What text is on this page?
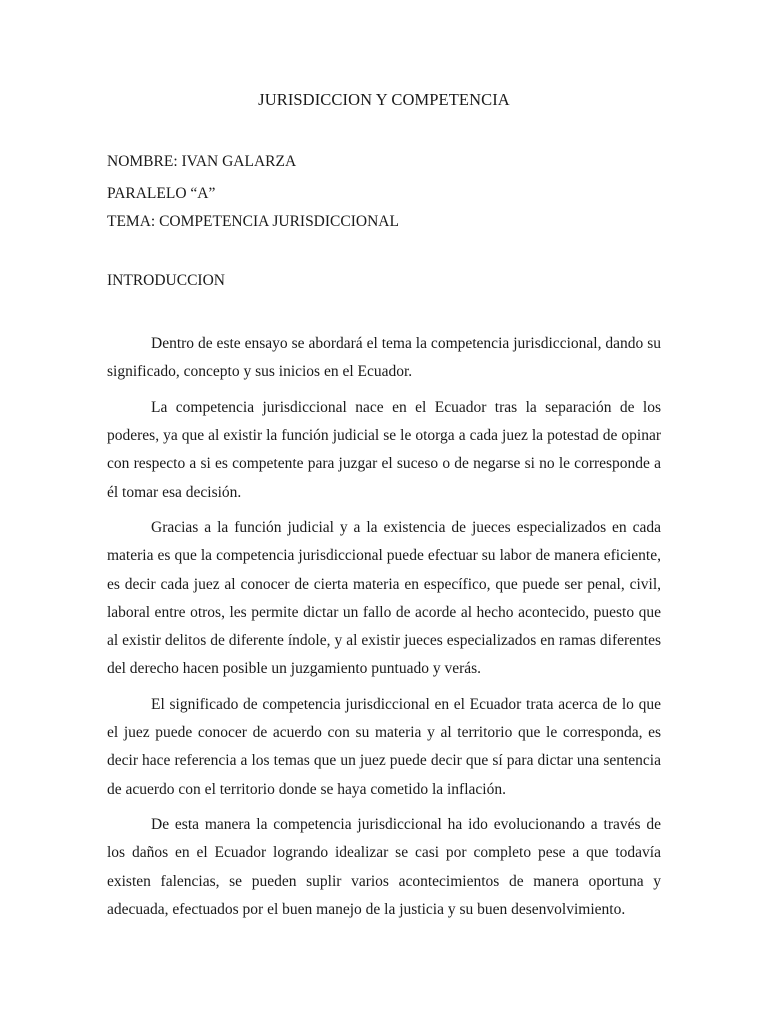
JURISDICCION Y COMPETENCIA
NOMBRE: IVAN GALARZA
PARALELO “A”
TEMA: COMPETENCIA JURISDICCIONAL
INTRODUCCION

Dentro de este ensayo se abordará el tema la competencia jurisdiccional, dando su significado, concepto y sus inicios en el Ecuador.

La competencia jurisdiccional nace en el Ecuador tras la separación de los poderes, ya que al existir la función judicial se le otorga a cada juez la potestad de opinar con respecto a si es competente para juzgar el suceso o de negarse si no le corresponde a él tomar esa decisión.

Gracias a la función judicial y a la existencia de jueces especializados en cada materia es que la competencia jurisdiccional puede efectuar su labor de manera eficiente, es decir cada juez al conocer de cierta materia en específico, que puede ser penal, civil, laboral entre otros, les permite dictar un fallo de acorde al hecho acontecido, puesto que al existir delitos de diferente índole, y al existir jueces especializados en ramas diferentes del derecho hacen posible un juzgamiento puntuado y verás.

El significado de competencia jurisdiccional en el Ecuador trata acerca de lo que el juez puede conocer de acuerdo con su materia y al territorio que le corresponda, es decir hace referencia a los temas que un juez puede decir que sí para dictar una sentencia de acuerdo con el territorio donde se haya cometido la inflación.

De esta manera la competencia jurisdiccional ha ido evolucionando a través de los daños en el Ecuador logrando idealizar se casi por completo pese a que todavía existen falencias, se pueden suplir varios acontecimientos de manera oportuna y adecuada, efectuados por el buen manejo de la justicia y su buen desenvolvimiento.
